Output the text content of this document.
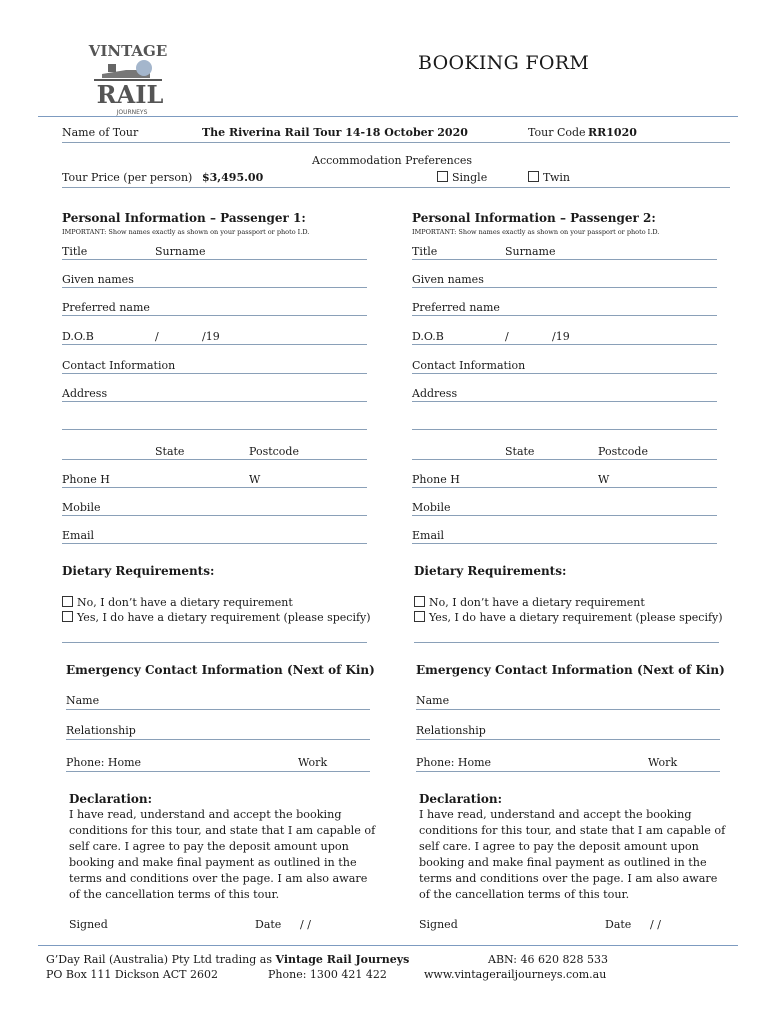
VINTAGE
RAIL
JOURNEYS
BOOKING FORM
Name of Tour	The Riverina Rail Tour 14-18 October 2020	Tour Code RR1020
Accommodation Preferences
Tour Price (per person) $3,495.00	Single	Twin
Personal Information – Passenger 1:
IMPORTANT: Show names exactly as shown on your passport or photo I.D.
Title	Surname
Given names
Preferred name
D.O.B	/	/19
Contact Information
Address
State	Postcode
Phone H	W
Mobile
Email
Dietary Requirements:
No, I don’t have a dietary requirement
Yes, I do have a dietary requirement (please specify)
Emergency Contact Information (Next of Kin)
Name
Relationship
Phone: Home	Work
Declaration:
I have read, understand and accept the booking conditions for this tour, and state that I am capable of self care. I agree to pay the deposit amount upon booking and make final payment as outlined in the terms and conditions over the page. I am also aware of the cancellation terms of this tour.
Signed	Date / /
Personal Information – Passenger 2:
IMPORTANT: Show names exactly as shown on your passport or photo I.D.
Title	Surname
Given names
Preferred name
D.O.B	/	/19
Contact Information
Address
State	Postcode
Phone H	W
Mobile
Email
Dietary Requirements:
No, I don’t have a dietary requirement
Yes, I do have a dietary requirement (please specify)
Emergency Contact Information (Next of Kin)
Name
Relationship
Phone: Home	Work
Declaration:
I have read, understand and accept the booking conditions for this tour, and state that I am capable of self care. I agree to pay the deposit amount upon booking and make final payment as outlined in the terms and conditions over the page. I am also aware of the cancellation terms of this tour.
Signed	Date / /
G’Day Rail (Australia) Pty Ltd trading as Vintage Rail Journeys	ABN: 46 620 828 533
PO Box 111 Dickson ACT 2602	Phone: 1300 421 422	www.vintagerailjourneys.com.au
